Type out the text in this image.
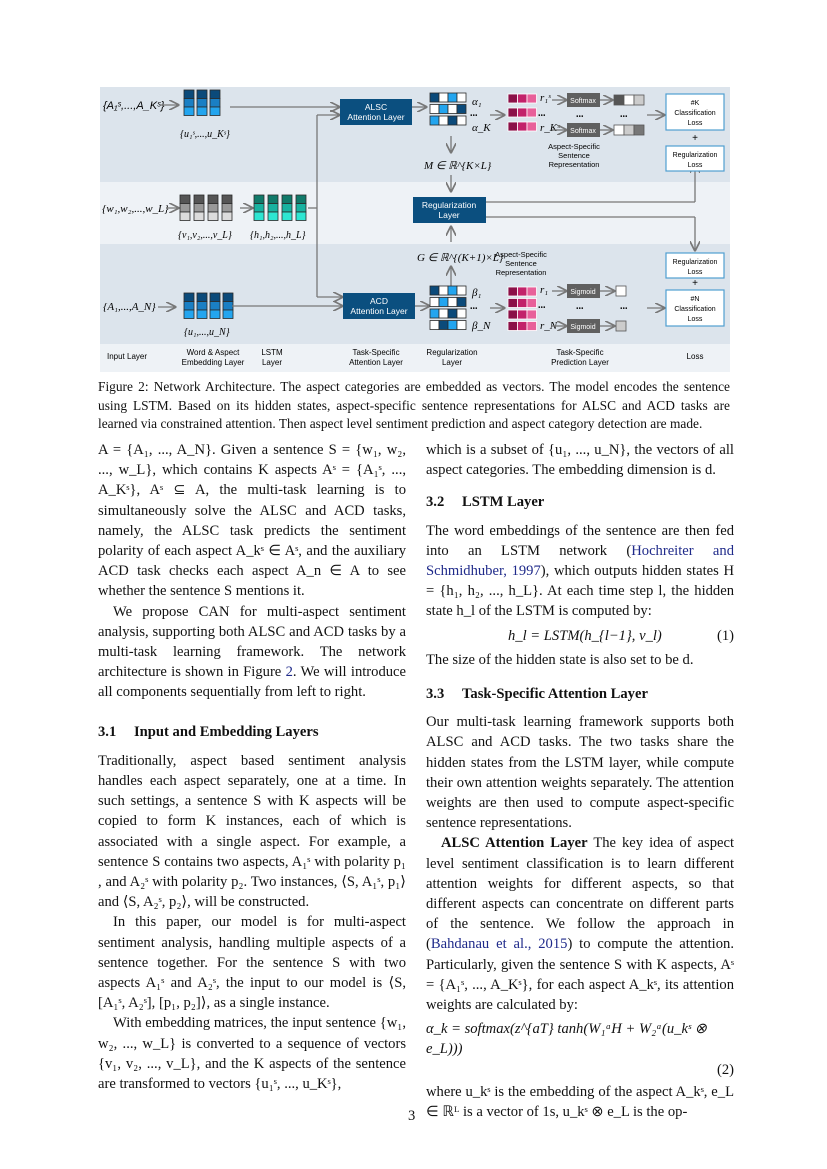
{A₁ˢ,...,A_Kˢ}
{w₁,w₂,...,w_L}
{A₁,...,A_N}
{u₁ˢ,...,u_Kˢ}
{v₁,v₂,...,v_L} {h₁,h₂,...,h_L}
{u₁,...,u_N}
ALSC
Attention Layer
ACD
Attention Layer
α₁
...
α_K
M ∈ ℝ^{K×L}
Regularization
Layer
G ∈ ℝ^{(K+1)×L}
β₁
...
β_N
r₁ˢ
...
r_Kˢ
r₁
...
r_N
Aspect-Specific
Sentence
Representation
Aspect-Specific
Sentence
Representation
Softmax
...
Softmax
...
#K
Classification
Loss
+
Regularization
Loss
Sigmoid
...	...
Sigmoid
Regularization
Loss
+
#N
Classification
Loss
Input Layer	Word & Aspect
Embedding Layer
LSTM
Layer
Task-Specific
Attention Layer
Regularization
Layer
Task-Specific
Prediction Layer
Loss
Figure 2: Network Architecture. The aspect categories are embedded as vectors. The model encodes the sentence using LSTM. Based on its hidden states, aspect-specific sentence representations for ALSC and ACD tasks are learned via constrained attention. Then aspect level sentiment prediction and aspect category detection are made.

A = {A₁, ..., A_N}. Given a sentence S = {w₁, w₂, ..., w_L}, which contains K aspects Aˢ = {A₁ˢ, ..., A_Kˢ}, Aˢ ⊆ A, the multi-task learning is to simultaneously solve the ALSC and ACD tasks, namely, the ALSC task predicts the sentiment polarity of each aspect A_kˢ ∈ Aˢ, and the auxiliary ACD task checks each aspect A_n ∈ A to see whether the sentence S mentions it.

We propose CAN for multi-aspect sentiment analysis, supporting both ALSC and ACD tasks by a multi-task learning framework. The network architecture is shown in Figure 2. We will introduce all components sequentially from left to right.

3.1 Input and Embedding Layers

Traditionally, aspect based sentiment analysis handles each aspect separately, one at a time. In such settings, a sentence S with K aspects will be copied to form K instances, each of which is associated with a single aspect. For example, a sentence S contains two aspects, A₁ˢ with polarity p₁ , and A₂ˢ with polarity p₂. Two instances, ⟨S, A₁ˢ, p₁⟩ and ⟨S, A₂ˢ, p₂⟩, will be constructed.

In this paper, our model is for multi-aspect sentiment analysis, handling multiple aspects of a sentence together. For the sentence S with two aspects A₁ˢ and A₂ˢ, the input to our model is ⟨S, [A₁ˢ, A₂ˢ], [p₁, p₂]⟩, as a single instance.

With embedding matrices, the input sentence {w₁, w₂, ..., w_L} is converted to a sequence of vectors {v₁, v₂, ..., v_L}, and the K aspects of the sentence are transformed to vectors {u₁ˢ, ..., u_Kˢ},

which is a subset of {u₁, ..., u_N}, the vectors of all aspect categories. The embedding dimension is d.

3.2 LSTM Layer

The word embeddings of the sentence are then fed into an LSTM network (Hochreiter and Schmidhuber, 1997), which outputs hidden states H = {h₁, h₂, ..., h_L}. At each time step l, the hidden state h_l of the LSTM is computed by:

h_l = LSTM(h_{l−1}, v_l)	(1)

The size of the hidden state is also set to be d.

3.3 Task-Specific Attention Layer

Our multi-task learning framework supports both ALSC and ACD tasks. The two tasks share the hidden states from the LSTM layer, while compute their own attention weights separately. The attention weights are then used to compute aspect-specific sentence representations.

ALSC Attention Layer The key idea of aspect level sentiment classification is to learn different attention weights for different aspects, so that different aspects can concentrate on different parts of the sentence. We follow the approach in (Bahdanau et al., 2015) to compute the attention. Particularly, given the sentence S with K aspects, Aˢ = {A₁ˢ, ..., A_Kˢ}, for each aspect A_kˢ, its attention weights are calculated by:

α_k = softmax(z^{aT} tanh(W₁ᵃH + W₂ᵃ(u_kˢ ⊗ e_L)))
(2)

where u_kˢ is the embedding of the aspect A_kˢ, e_L ∈ ℝᴸ is a vector of 1s, u_kˢ ⊗ e_L is the op-

3
